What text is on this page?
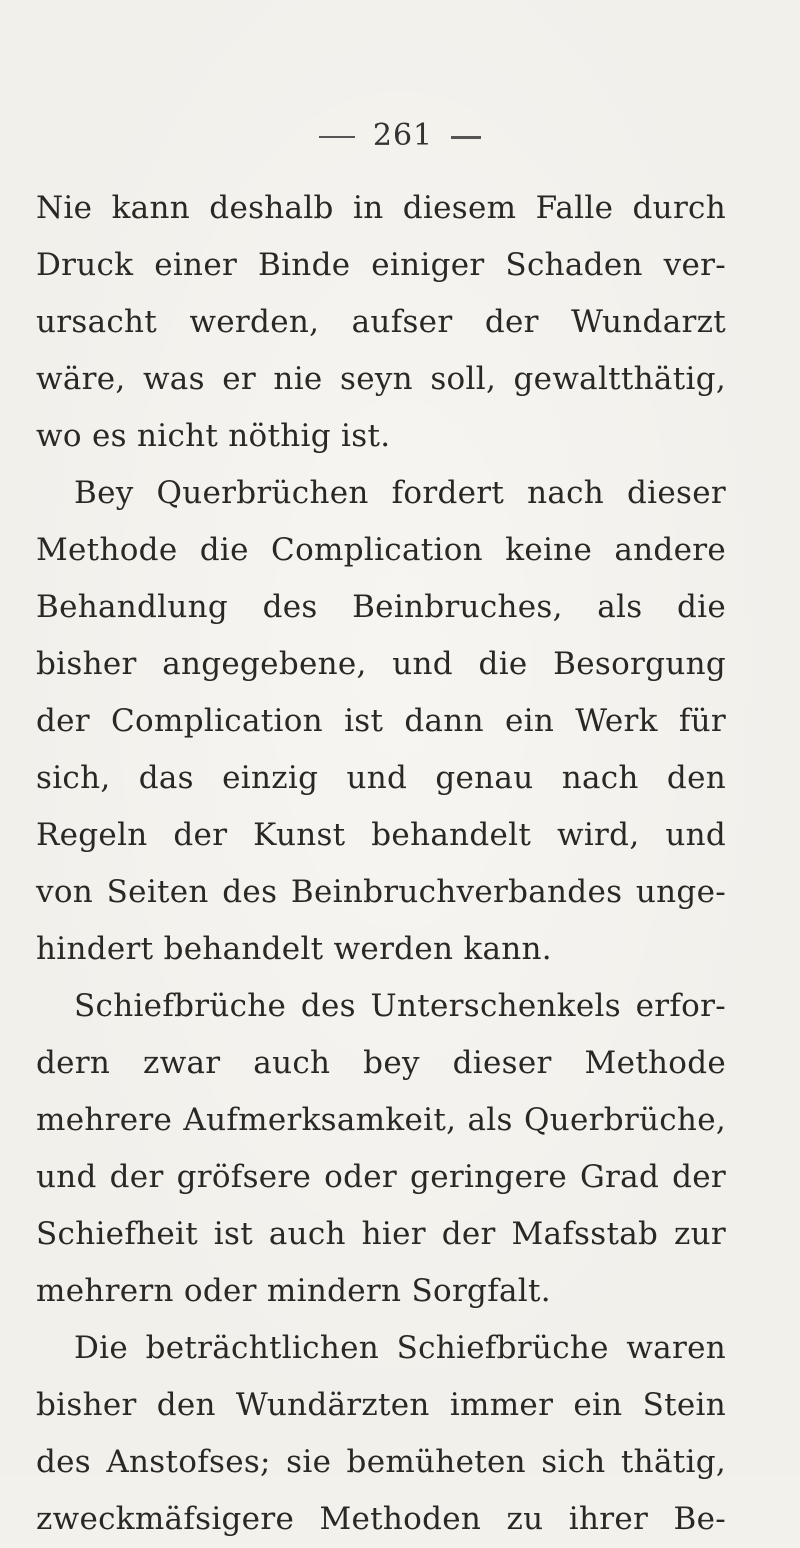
261
Nie kann deshalb in diesem Falle durch
Druck einer Binde einiger Schaden ver-
ursacht werden, aufser der Wundarzt
wäre, was er nie seyn soll, gewaltthätig,
wo es nicht nöthig ist.
Bey Querbrüchen fordert nach dieser
Methode die Complication keine andere
Behandlung des Beinbruches, als die
bisher angegebene, und die Besorgung
der Complication ist dann ein Werk für
sich, das einzig und genau nach den
Regeln der Kunst behandelt wird, und
von Seiten des Beinbruchverbandes unge-
hindert behandelt werden kann.
Schiefbrüche des Unterschenkels erfor-
dern zwar auch bey dieser Methode
mehrere Aufmerksamkeit, als Querbrüche,
und der gröfsere oder geringere Grad der
Schiefheit ist auch hier der Mafsstab zur
mehrern oder mindern Sorgfalt.
Die beträchtlichen Schiefbrüche waren
bisher den Wundärzten immer ein Stein
des Anstofses; sie bemüheten sich thätig,
zweckmäfsigere Methoden zu ihrer Be-
